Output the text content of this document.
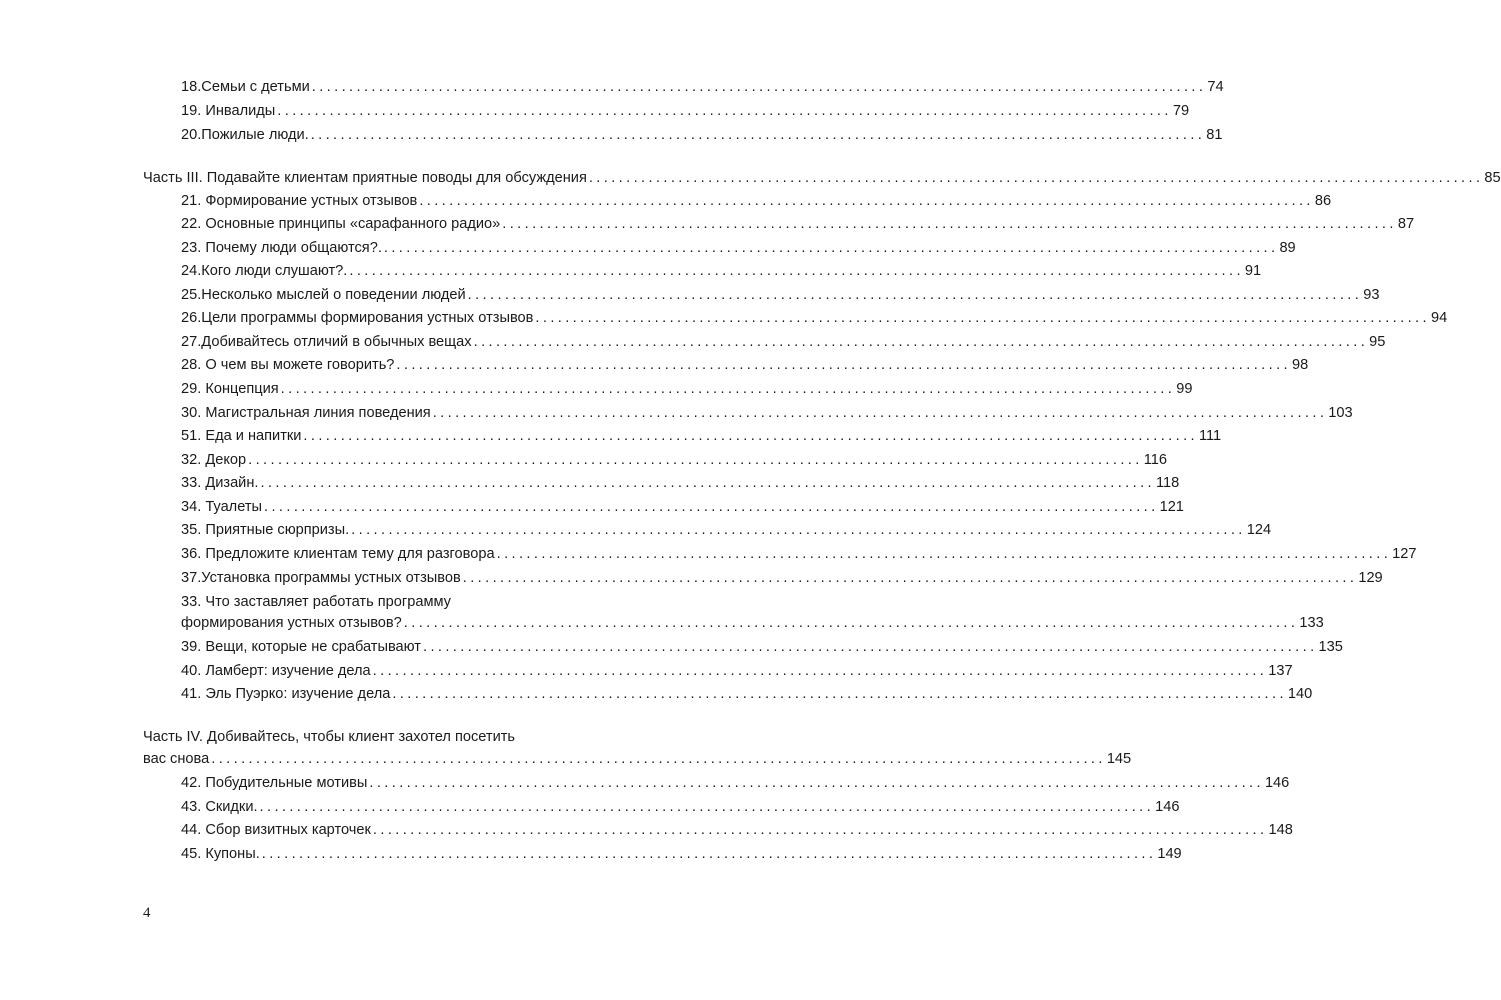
18.Семьи с детьми ........................................................................................................................ 74
19. Инвалиды ........................................................................................................................ 79
20.Пожилые люди. ........................................................................................................................ 81
Часть III. Подавайте клиентам приятные поводы для обсуждения ........................................................................................................................ 85
21. Формирование устных отзывов ........................................................................................................................ 86
22. Основные принципы «сарафанного радио» ........................................................................................................................ 87
23. Почему люди общаются?. ........................................................................................................................ 89
24.Кого люди слушают?. ........................................................................................................................ 91
25.Несколько мыслей о поведении людей ........................................................................................................................ 93
26.Цели программы формирования устных отзывов ........................................................................................................................ 94
27.Добивайтесь отличий в обычных вещах ........................................................................................................................ 95
28. О чем вы можете говорить? ........................................................................................................................ 98
29. Концепция ........................................................................................................................ 99
30. Магистральная линия поведения ........................................................................................................................ 103
51. Еда и напитки ........................................................................................................................ 111
32. Декор ........................................................................................................................ 116
33. Дизайн. ........................................................................................................................ 118
34. Туалеты ........................................................................................................................ 121
35. Приятные сюрпризы. ........................................................................................................................ 124
36. Предложите клиентам тему для разговора ........................................................................................................................ 127
37.Установка программы устных отзывов ........................................................................................................................ 129
33. Что заставляет работать программу
формирования устных отзывов? ........................................................................................................................ 133
39. Вещи, которые не срабатывают ........................................................................................................................ 135
40. Ламберт: изучение дела ........................................................................................................................ 137
41. Эль Пуэрко: изучение дела ........................................................................................................................ 140
Часть IV. Добивайтесь, чтобы клиент захотел посетить
вас снова ........................................................................................................................ 145
42. Побудительные мотивы ........................................................................................................................ 146
43. Скидки. ........................................................................................................................ 146
44. Сбор визитных карточек ........................................................................................................................ 148
45. Купоны. ........................................................................................................................ 149
4
